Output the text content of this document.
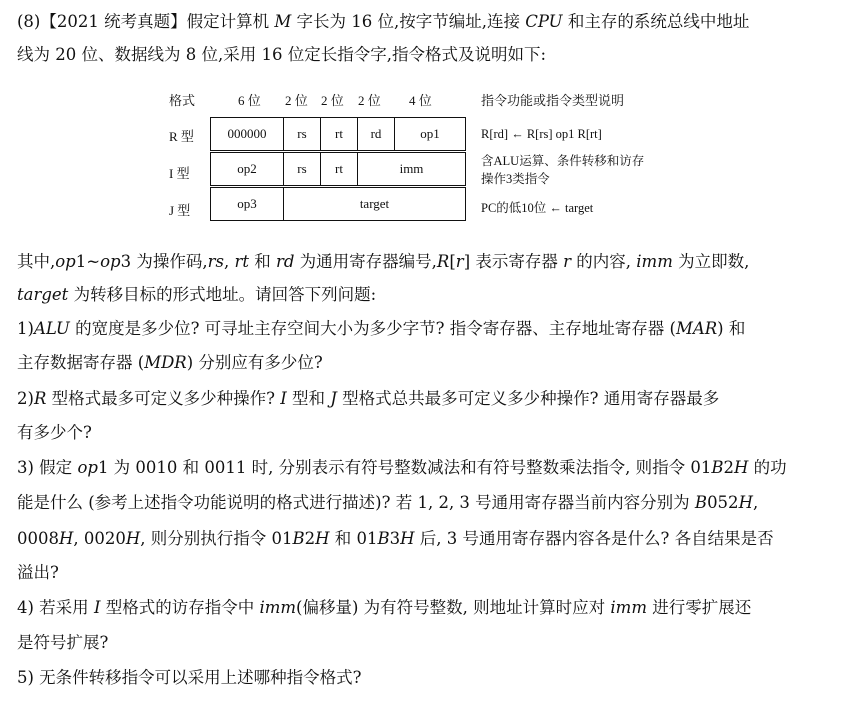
(8)【2021 统考真题】假定计算机 M 字长为 16 位,按字节编址,连接 CPU 和主存的系统总线中地址
线为 20 位、数据线为 8 位,采用 16 位定长指令字,指令格式及说明如下:
格式	6 位 2 位 2 位 2 位 4 位	指令功能或指令类型说明
R 型	000000	rs	rt	rd	op1	R[rd] ← R[rs] op1 R[rt]
I 型	op2	rs	rt	imm	含ALU运算、条件转移和访存
操作3类指令
J 型	op3	target	PC的低10位 ← target
其中,op1~op3 为操作码,rs, rt 和 rd 为通用寄存器编号,R[r] 表示寄存器 r 的内容, imm 为立即数,
target 为转移目标的形式地址。请回答下列问题:
1)ALU 的宽度是多少位? 可寻址主存空间大小为多少字节? 指令寄存器、主存地址寄存器 (MAR) 和
主存数据寄存器 (MDR) 分别应有多少位?
2)R 型格式最多可定义多少种操作? I 型和 J 型格式总共最多可定义多少种操作? 通用寄存器最多
有多少个?
3) 假定 op1 为 0010 和 0011 时, 分别表示有符号整数减法和有符号整数乘法指令, 则指令 01B2H 的功
能是什么 (参考上述指令功能说明的格式进行描述)? 若 1, 2, 3 号通用寄存器当前内容分别为 B052H,
0008H, 0020H, 则分别执行指令 01B2H 和 01B3H 后, 3 号通用寄存器内容各是什么? 各自结果是否
溢出?
4) 若采用 I 型格式的访存指令中 imm(偏移量) 为有符号整数, 则地址计算时应对 imm 进行零扩展还
是符号扩展?
5) 无条件转移指令可以采用上述哪种指令格式?
